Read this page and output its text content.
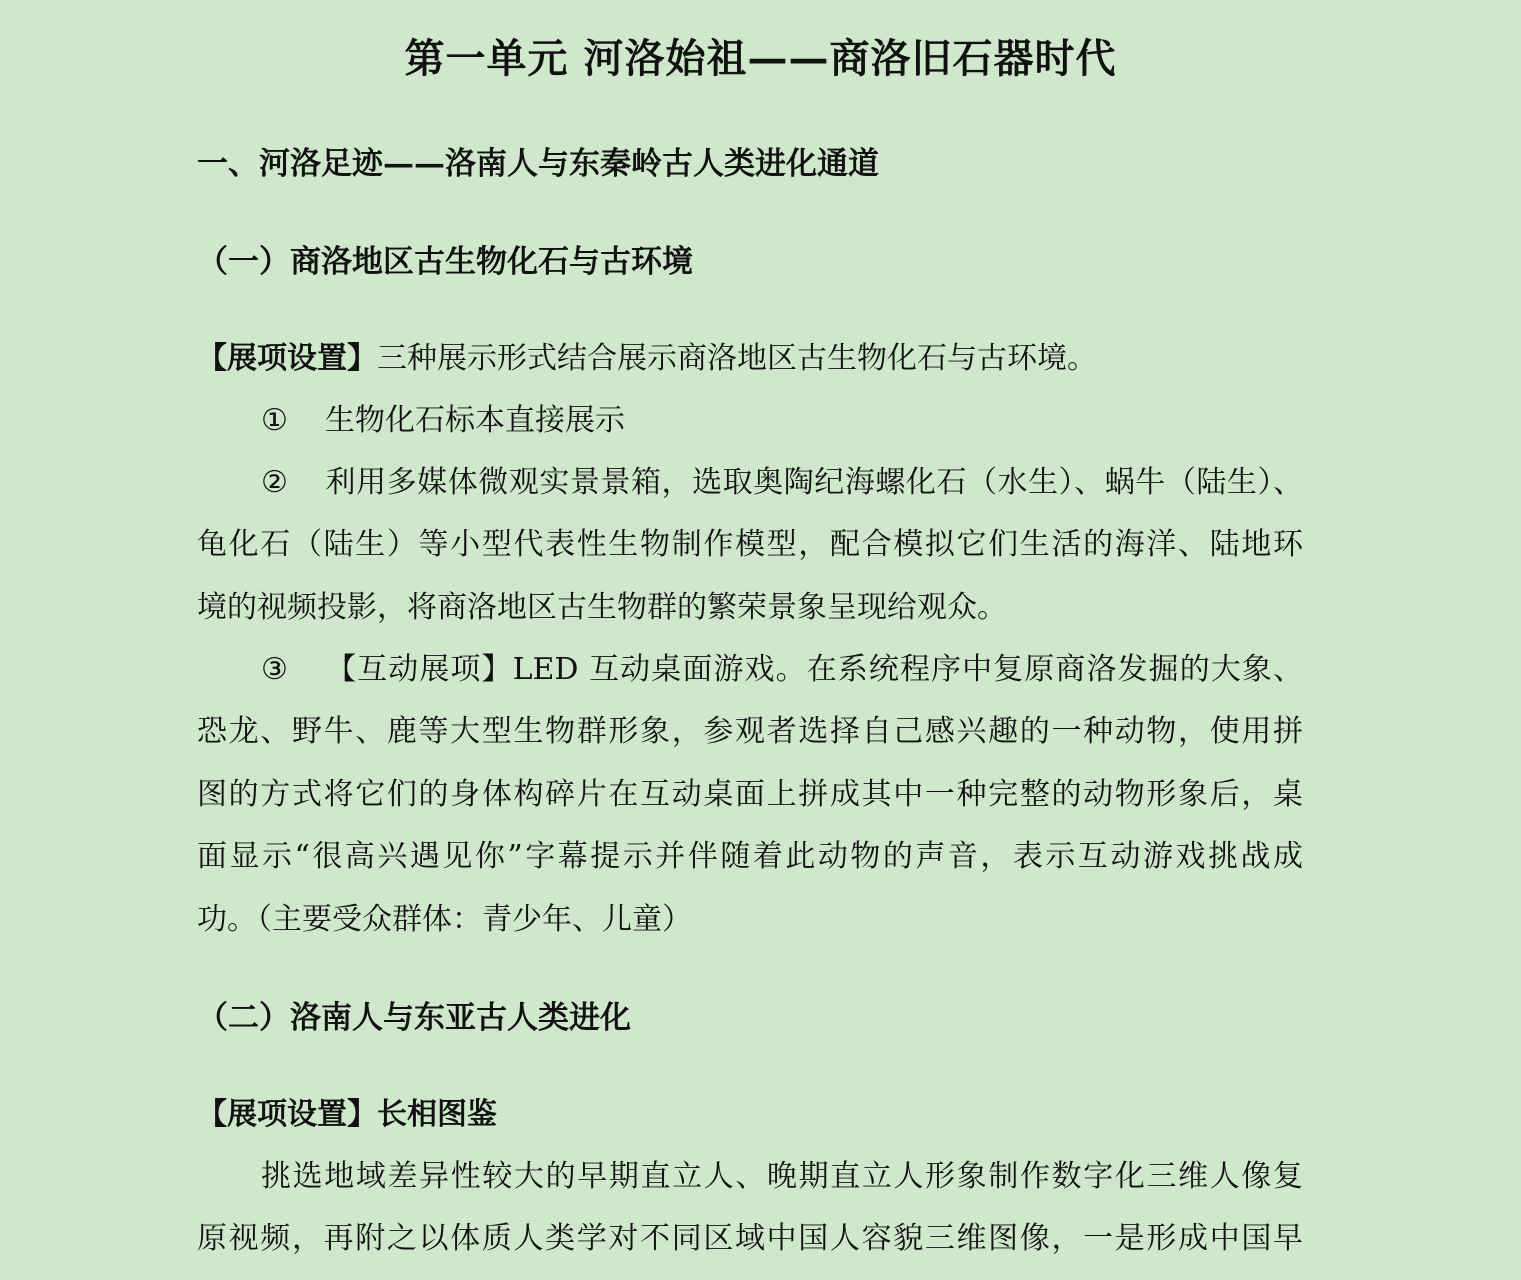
第一单元 河洛始祖——商洛旧石器时代
一、河洛足迹——洛南人与东秦岭古人类进化通道
（一）商洛地区古生物化石与古环境
【展项设置】三种展示形式结合展示商洛地区古生物化石与古环境。
① 生物化石标本直接展示
② 利用多媒体微观实景景箱，选取奥陶纪海螺化石（水生）、蜗牛（陆生）、
龟化石（陆生）等小型代表性生物制作模型，配合模拟它们生活的海洋、陆地环
境的视频投影，将商洛地区古生物群的繁荣景象呈现给观众。
③ 【互动展项】LED 互动桌面游戏。在系统程序中复原商洛发掘的大象、
恐龙、野牛、鹿等大型生物群形象，参观者选择自己感兴趣的一种动物，使用拼
图的方式将它们的身体构碎片在互动桌面上拼成其中一种完整的动物形象后，桌
面显示“很高兴遇见你”字幕提示并伴随着此动物的声音，表示互动游戏挑战成
功。（主要受众群体：青少年、儿童）
（二）洛南人与东亚古人类进化
【展项设置】长相图鉴
挑选地域差异性较大的早期直立人、晚期直立人形象制作数字化三维人像复
原视频，再附之以体质人类学对不同区域中国人容貌三维图像，一是形成中国早
